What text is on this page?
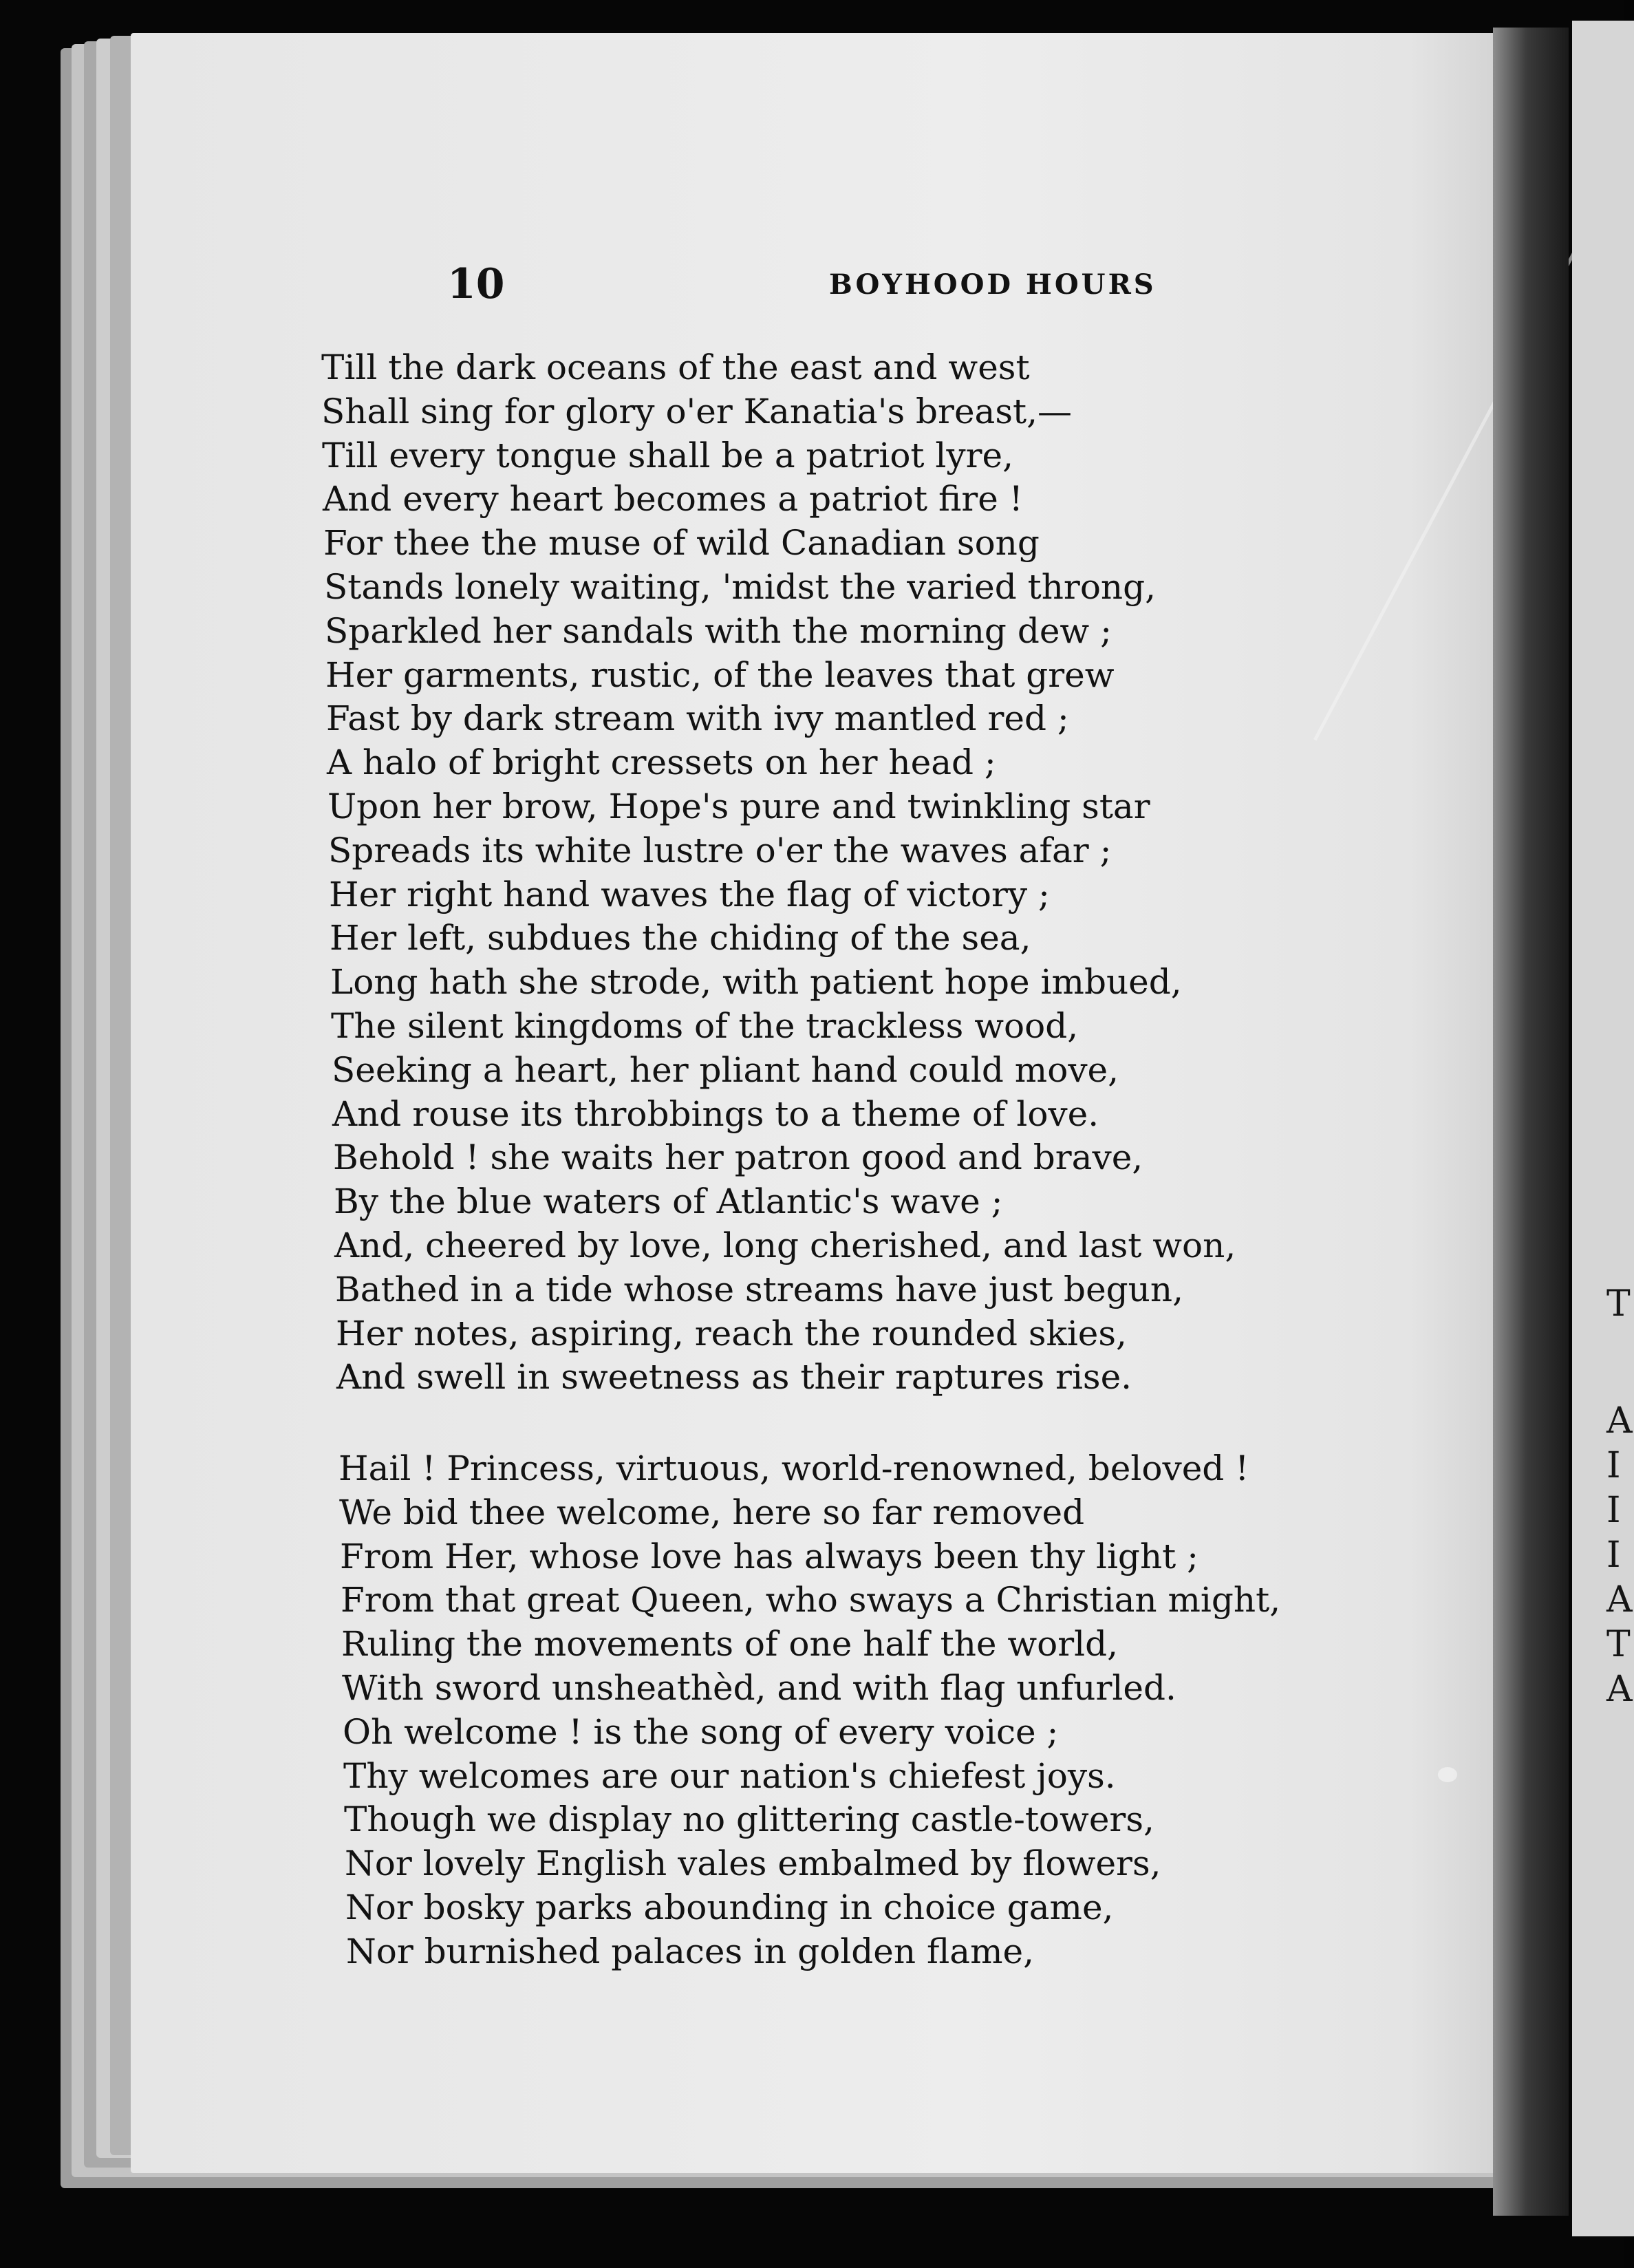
10	BOYHOOD HOURS
Till the dark oceans of the east and west
Shall sing for glory o'er Kanatia's breast,—
Till every tongue shall be a patriot lyre,
And every heart becomes a patriot fire !
For thee the muse of wild Canadian song
Stands lonely waiting, 'midst the varied throng,
Sparkled her sandals with the morning dew ;
Her garments, rustic, of the leaves that grew
Fast by dark stream with ivy mantled red ;
A halo of bright cressets on her head ;
Upon her brow, Hope's pure and twinkling star
Spreads its white lustre o'er the waves afar ;
Her right hand waves the flag of victory ;
Her left, subdues the chiding of the sea,
Long hath she strode, with patient hope imbued,
The silent kingdoms of the trackless wood,
Seeking a heart, her pliant hand could move,
And rouse its throbbings to a theme of love.
Behold ! she waits her patron good and brave,
By the blue waters of Atlantic's wave ;
And, cheered by love, long cherished, and last won,
Bathed in a tide whose streams have just begun,
Her notes, aspiring, reach the rounded skies,
And swell in sweetness as their raptures rise.
Hail ! Princess, virtuous, world-renowned, beloved !
We bid thee welcome, here so far removed
From Her, whose love has always been thy light ;
From that great Queen, who sways a Christian might,
Ruling the movements of one half the world,
With sword unsheathèd, and with flag unfurled.
Oh welcome ! is the song of every voice ;
Thy welcomes are our nation's chiefest joys.
Though we display no glittering castle-towers,
Nor lovely English vales embalmed by flowers,
Nor bosky parks abounding in choice game,
Nor burnished palaces in golden flame,
T
A
I
I
I
A
T
A
